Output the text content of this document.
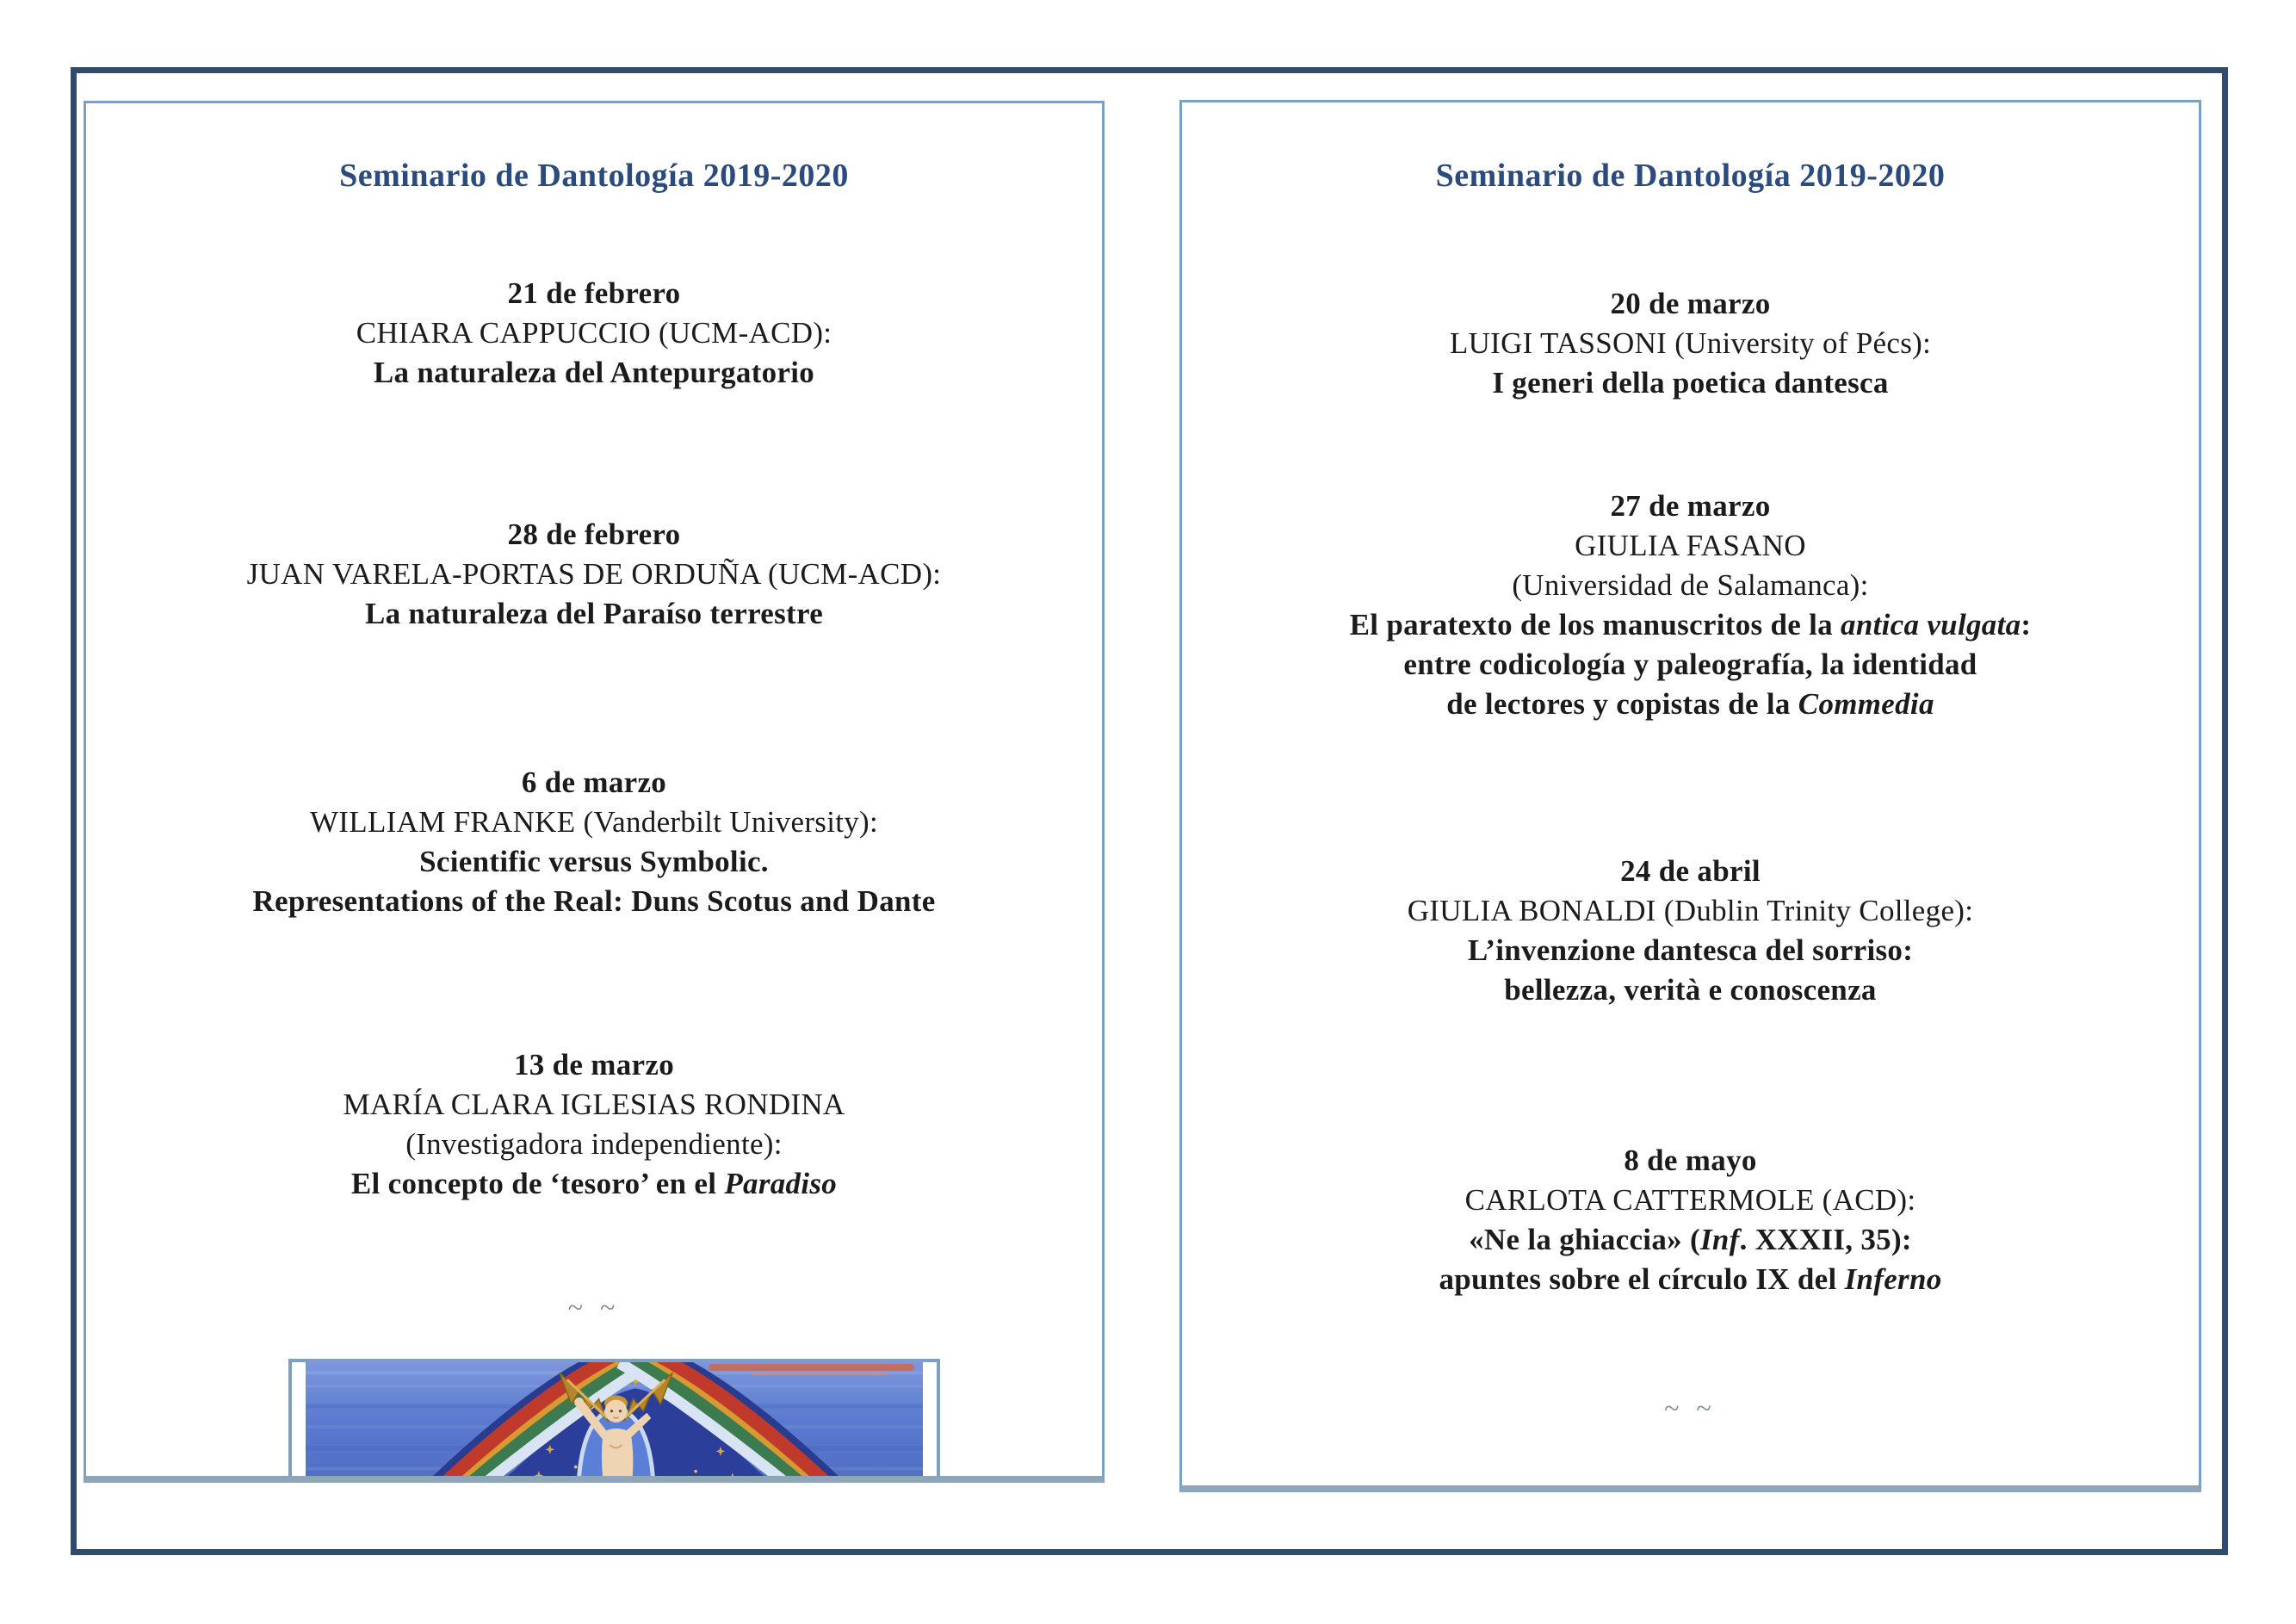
Seminario de Dantología 2019-2020
~ ~
21 de febrero
CHIARA CAPPUCCIO (UCM-ACD):
La naturaleza del Antepurgatorio
28 de febrero
JUAN VARELA-PORTAS DE ORDUÑA (UCM-ACD):
La naturaleza del Paraíso terrestre
6 de marzo
WILLIAM FRANKE (Vanderbilt University):
Scientific versus Symbolic.
Representations of the Real: Duns Scotus and Dante
13 de marzo
MARÍA CLARA IGLESIAS RONDINA
(Investigadora independiente):
El concepto de ‘tesoro’ en el Paradiso
Seminario de Dantología 2019-2020
~ ~
20 de marzo
LUIGI TASSONI (University of Pécs):
I generi della poetica dantesca
27 de marzo
GIULIA FASANO
(Universidad de Salamanca):
El paratexto de los manuscritos de la antica vulgata:
entre codicología y paleografía, la identidad
de lectores y copistas de la Commedia
24 de abril
GIULIA BONALDI (Dublin Trinity College):
L’invenzione dantesca del sorriso:
bellezza, verità e conoscenza
8 de mayo
CARLOTA CATTERMOLE (ACD):
«Ne la ghiaccia» (Inf. XXXII, 35):
apuntes sobre el círculo IX del Inferno
